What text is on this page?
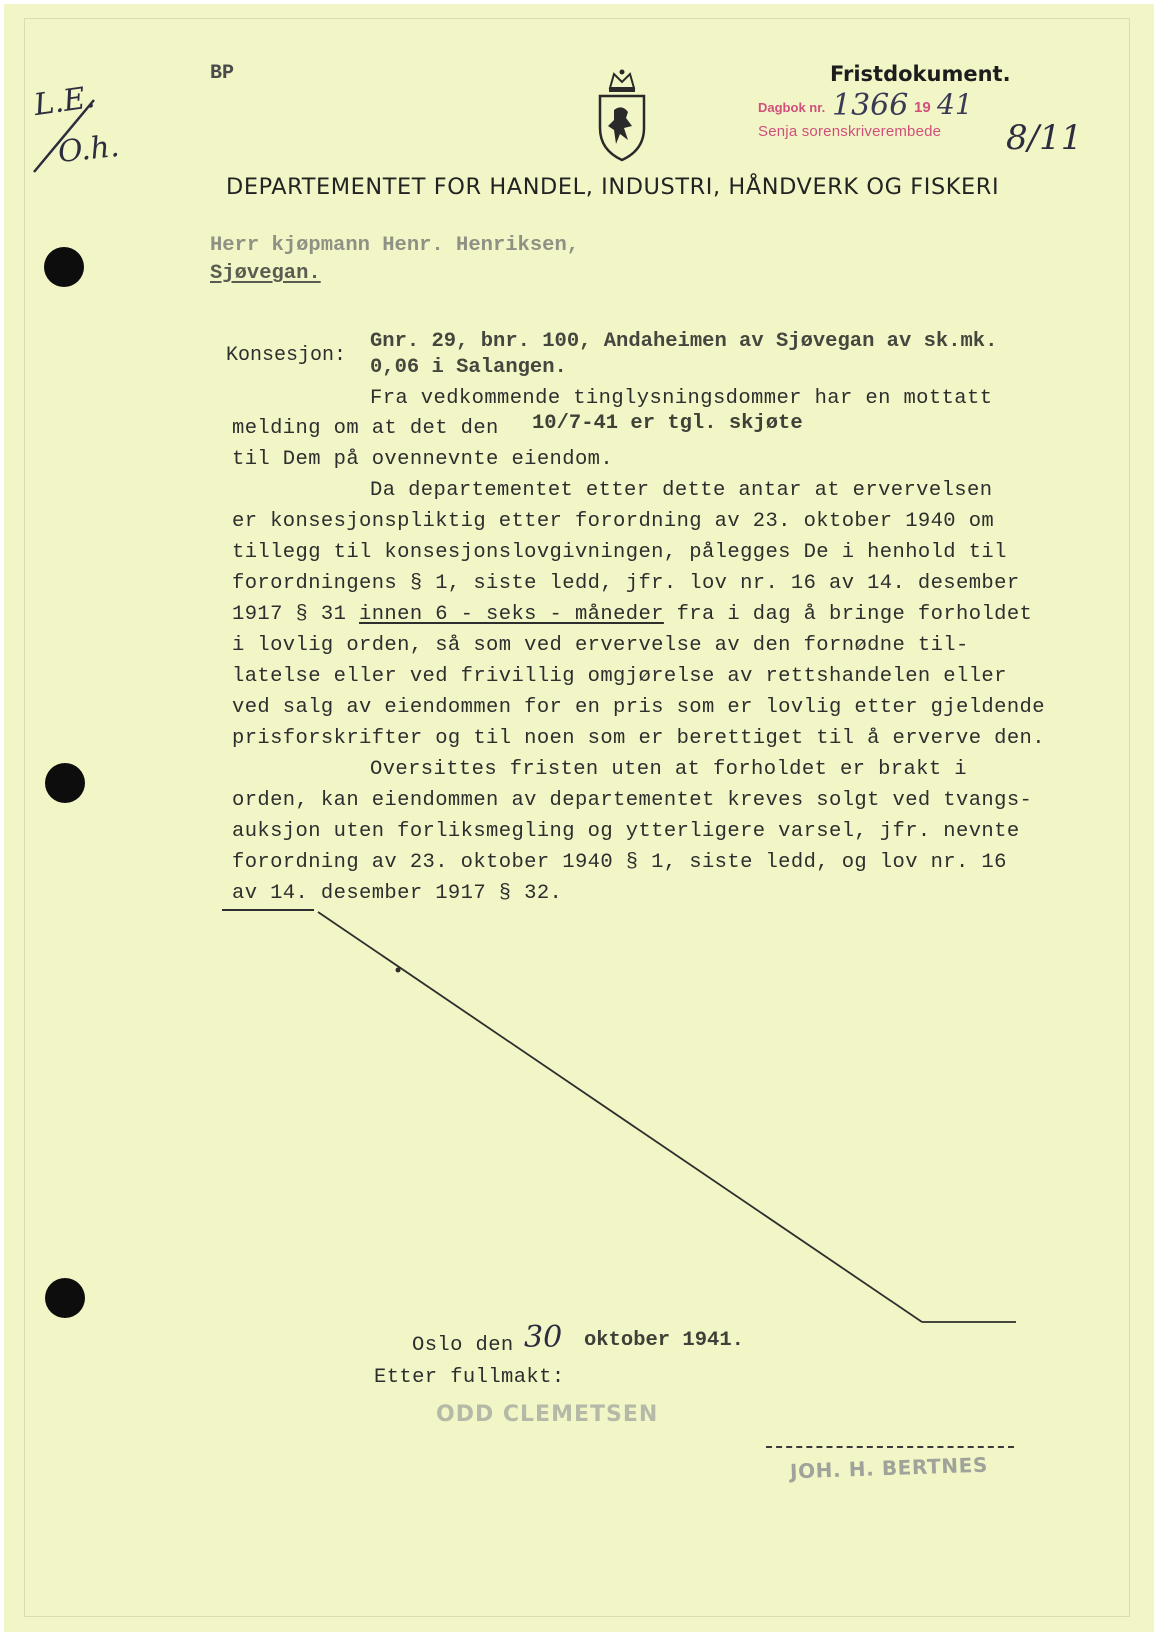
L.E.
O.h.
BP	Fristdokument.
Dagbok nr. 1366 19 41
Senja sorenskriverembede 8/11
DEPARTEMENTET FOR HANDEL, INDUSTRI, HÅNDVERK OG FISKERI
Herr kjøpmann Henr. Henriksen,
Sjøvegan.
Konsesjon:
Gnr. 29, bnr. 100, Andaheimen av Sjøvegan av sk.mk.
0,06 i Salangen.
Fra vedkommende tinglysningsdommer har en mottatt
melding om at det den 10/7-41 er tgl. skjøte
til Dem på ovennevnte eiendom.
Da departementet etter dette antar at ervervelsen
er konsesjonspliktig etter forordning av 23. oktober 1940 om
tillegg til konsesjonslovgivningen, pålegges De i henhold til
forordningens § 1, siste ledd, jfr. lov nr. 16 av 14. desember
1917 § 31 innen 6 - seks - måneder fra i dag å bringe forholdet
i lovlig orden, så som ved ervervelse av den fornødne til-
latelse eller ved frivillig omgjørelse av rettshandelen eller
ved salg av eiendommen for en pris som er lovlig etter gjeldende
prisforskrifter og til noen som er berettiget til å erverve den.
Oversittes fristen uten at forholdet er brakt i
orden, kan eiendommen av departementet kreves solgt ved tvangs-
auksjon uten forliksmegling og ytterligere varsel, jfr. nevnte
forordning av 23. oktober 1940 § 1, siste ledd, og lov nr. 16
av 14. desember 1917 § 32.
Oslo den 30 oktober 1941.
Etter fullmakt:
ODD CLEMETSEN
JOH. H. BERTNES
